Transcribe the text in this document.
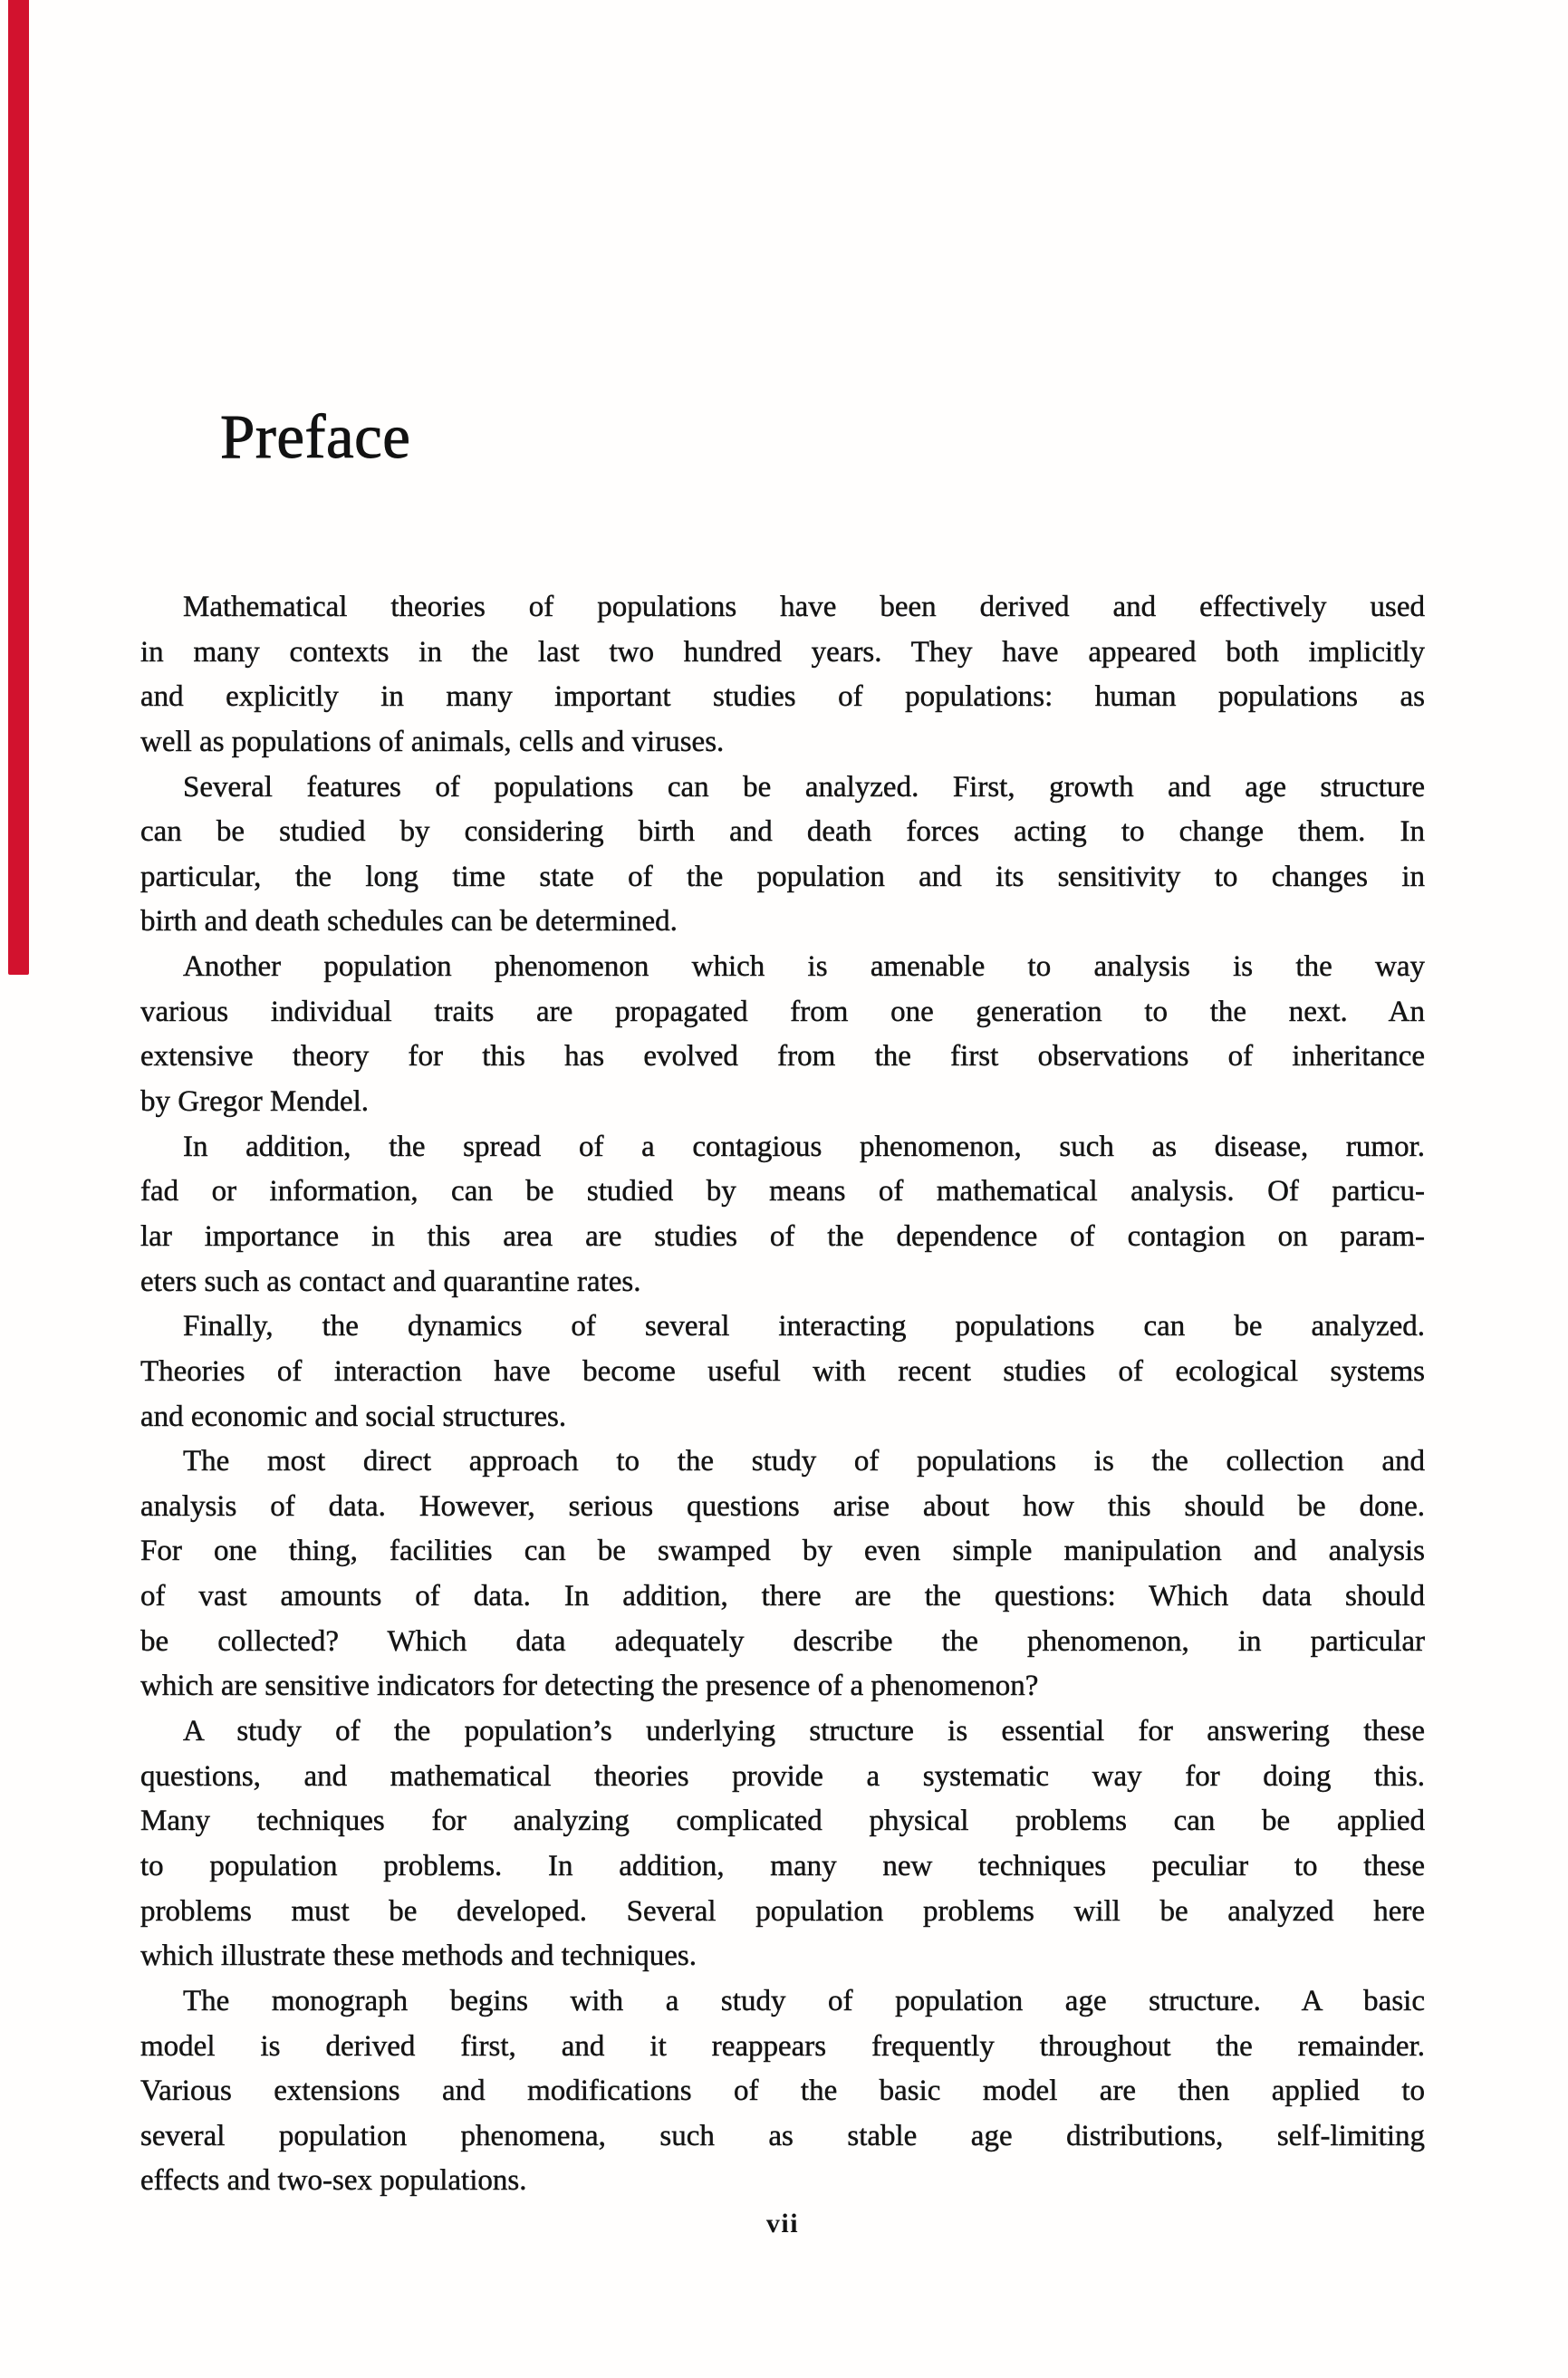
Preface
Mathematical theories of populations have been derived and effectively used
in many contexts in the last two hundred years. They have appeared both implicitly
and explicitly in many important studies of populations: human populations as
well as populations of animals, cells and viruses.
Several features of populations can be analyzed. First, growth and age structure
can be studied by considering birth and death forces acting to change them. In
particular, the long time state of the population and its sensitivity to changes in
birth and death schedules can be determined.
Another population phenomenon which is amenable to analysis is the way
various individual traits are propagated from one generation to the next. An
extensive theory for this has evolved from the first observations of inheritance
by Gregor Mendel.
In addition, the spread of a contagious phenomenon, such as disease, rumor.
fad or information, can be studied by means of mathematical analysis. Of particu-
lar importance in this area are studies of the dependence of contagion on param-
eters such as contact and quarantine rates.
Finally, the dynamics of several interacting populations can be analyzed.
Theories of interaction have become useful with recent studies of ecological systems
and economic and social structures.
The most direct approach to the study of populations is the collection and
analysis of data. However, serious questions arise about how this should be done.
For one thing, facilities can be swamped by even simple manipulation and analysis
of vast amounts of data. In addition, there are the questions: Which data should
be collected? Which data adequately describe the phenomenon, in particular
which are sensitive indicators for detecting the presence of a phenomenon?
A study of the population’s underlying structure is essential for answering these
questions, and mathematical theories provide a systematic way for doing this.
Many techniques for analyzing complicated physical problems can be applied
to population problems. In addition, many new techniques peculiar to these
problems must be developed. Several population problems will be analyzed here
which illustrate these methods and techniques.
The monograph begins with a study of population age structure. A basic
model is derived first, and it reappears frequently throughout the remainder.
Various extensions and modifications of the basic model are then applied to
several population phenomena, such as stable age distributions, self-limiting
effects and two-sex populations.
vii
